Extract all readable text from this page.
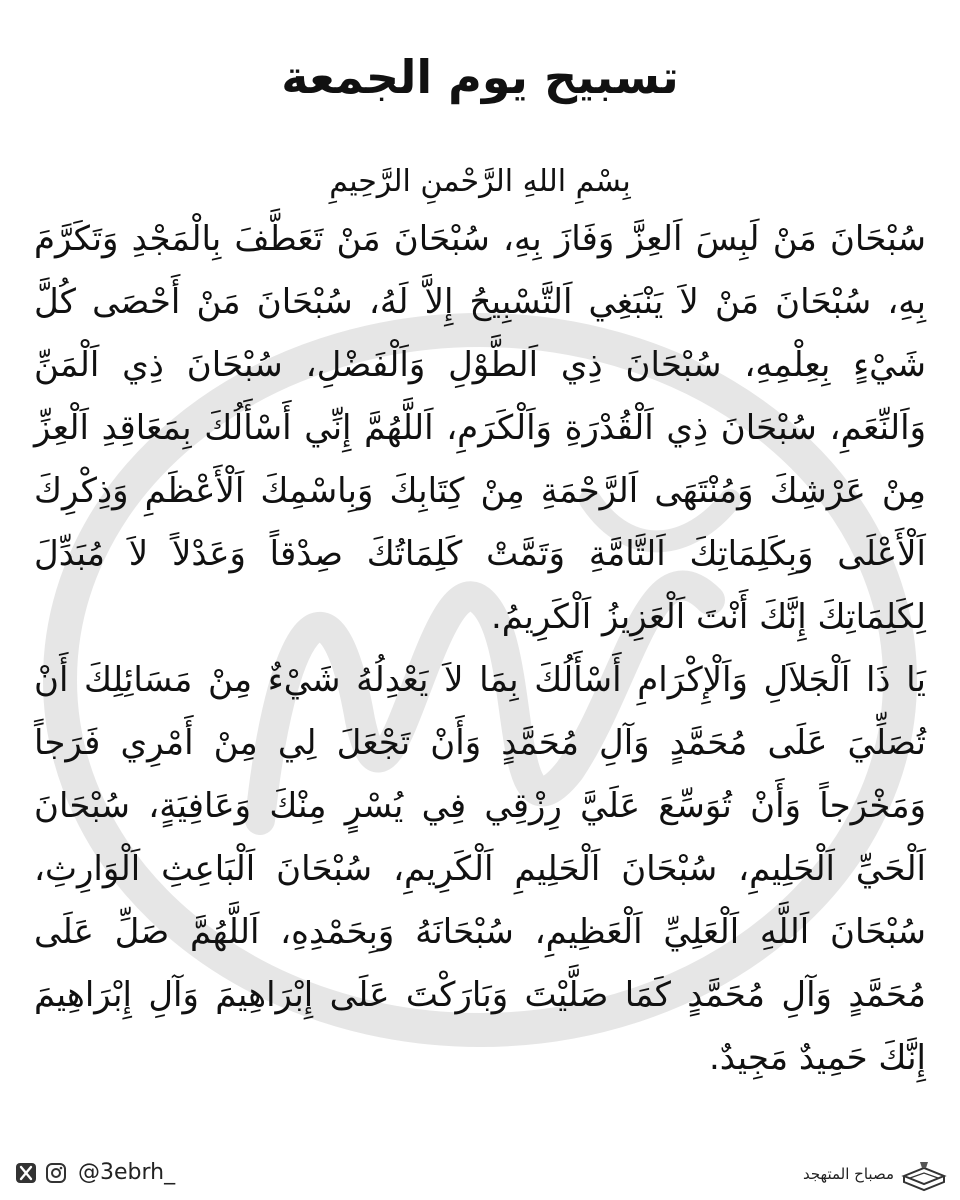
تسبيح يوم الجمعة
بِسْمِ اللهِ الرَّحْمنِ الرَّحِيمِ

سُبْحَانَ مَنْ لَبِسَ اَلعِزَّ وَفَازَ بِهِ، سُبْحَانَ مَنْ تَعَطَّفَ بِالْمَجْدِ وَتَكَرَّمَ بِهِ، سُبْحَانَ مَنْ لاَ يَنْبَغِي اَلتَّسْبِيحُ إِلاَّ لَهُ، سُبْحَانَ مَنْ أَحْصَى كُلَّ شَيْءٍ بِعِلْمِهِ، سُبْحَانَ ذِي اَلطَّوْلِ وَاَلْفَضْلِ، سُبْحَانَ ذِي اَلْمَنِّ وَاَلنِّعَمِ، سُبْحَانَ ذِي اَلْقُدْرَةِ وَاَلْكَرَمِ، اَللَّهُمَّ إِنِّي أَسْأَلُكَ بِمَعَاقِدِ اَلْعِزِّ مِنْ عَرْشِكَ وَمُنْتَهَى اَلرَّحْمَةِ مِنْ كِتَابِكَ وَبِاسْمِكَ اَلْأَعْظَمِ وَذِكْرِكَ اَلْأَعْلَى وَبِكَلِمَاتِكَ اَلتَّامَّةِ وَتَمَّتْ كَلِمَاتُكَ صِدْقاً وَعَدْلاً لاَ مُبَدِّلَ لِكَلِمَاتِكَ إِنَّكَ أَنْتَ اَلْعَزِيزُ اَلْكَرِيمُ.

يَا ذَا اَلْجَلاَلِ وَاَلْإِكْرَامِ أَسْأَلُكَ بِمَا لاَ يَعْدِلُهُ شَيْءٌ مِنْ مَسَائِلِكَ أَنْ تُصَلِّيَ عَلَى مُحَمَّدٍ وَآلِ مُحَمَّدٍ وَأَنْ تَجْعَلَ لِي مِنْ أَمْرِي فَرَجاً وَمَخْرَجاً وَأَنْ تُوَسِّعَ عَلَيَّ رِزْقِي فِي يُسْرٍ مِنْكَ وَعَافِيَةٍ، سُبْحَانَ اَلْحَيِّ اَلْحَلِيمِ، سُبْحَانَ اَلْحَلِيمِ اَلْكَرِيمِ، سُبْحَانَ اَلْبَاعِثِ اَلْوَارِثِ، سُبْحَانَ اَللَّهِ اَلْعَلِيِّ اَلْعَظِيمِ، سُبْحَانَهُ وَبِحَمْدِهِ، اَللَّهُمَّ صَلِّ عَلَى مُحَمَّدٍ وَآلِ مُحَمَّدٍ كَمَا صَلَّيْتَ وَبَارَكْتَ عَلَى إِبْرَاهِيمَ وَآلِ إِبْرَاهِيمَ إِنَّكَ حَمِيدٌ مَجِيدٌ.

@3ebrh_	مصباح المتهجد
